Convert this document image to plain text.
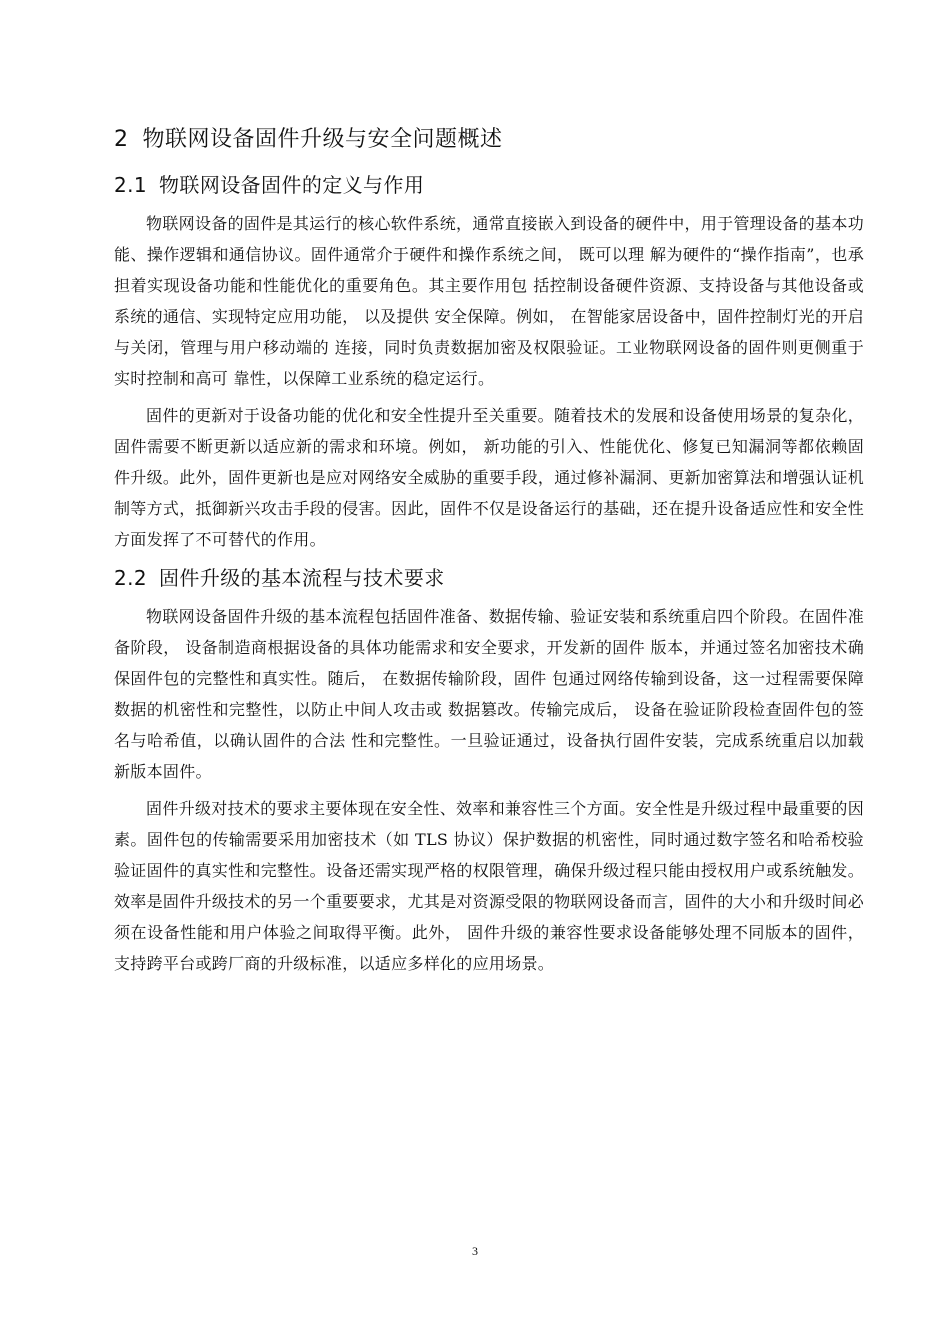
2 物联网设备固件升级与安全问题概述
2.1 物联网设备固件的定义与作用

物联网设备的固件是其运行的核心软件系统，通常直接嵌入到设备的硬件中，用于管理设备的基本功能、操作逻辑和通信协议。固件通常介于硬件和操作系统之间， 既可以理 解为硬件的“操作指南”，也承担着实现设备功能和性能优化的重要角色。其主要作用包 括控制设备硬件资源、支持设备与其他设备或系统的通信、实现特定应用功能， 以及提供 安全保障。例如， 在智能家居设备中，固件控制灯光的开启与关闭，管理与用户移动端的 连接，同时负责数据加密及权限验证。工业物联网设备的固件则更侧重于实时控制和高可 靠性，以保障工业系统的稳定运行。

固件的更新对于设备功能的优化和安全性提升至关重要。随着技术的发展和设备使用场景的复杂化，固件需要不断更新以适应新的需求和环境。例如， 新功能的引入、性能优化、修复已知漏洞等都依赖固件升级。此外，固件更新也是应对网络安全威胁的重要手段，通过修补漏洞、更新加密算法和增强认证机制等方式，抵御新兴攻击手段的侵害。因此，固件不仅是设备运行的基础，还在提升设备适应性和安全性方面发挥了不可替代的作用。

2.2 固件升级的基本流程与技术要求

物联网设备固件升级的基本流程包括固件准备、数据传输、验证安装和系统重启四个阶段。在固件准备阶段， 设备制造商根据设备的具体功能需求和安全要求，开发新的固件 版本，并通过签名加密技术确保固件包的完整性和真实性。随后， 在数据传输阶段，固件 包通过网络传输到设备，这一过程需要保障数据的机密性和完整性，以防止中间人攻击或 数据篡改。传输完成后， 设备在验证阶段检查固件包的签名与哈希值，以确认固件的合法 性和完整性。一旦验证通过，设备执行固件安装，完成系统重启以加载新版本固件。

固件升级对技术的要求主要体现在安全性、效率和兼容性三个方面。安全性是升级过程中最重要的因素。固件包的传输需要采用加密技术（如 TLS 协议）保护数据的机密性，同时通过数字签名和哈希校验验证固件的真实性和完整性。设备还需实现严格的权限管理，确保升级过程只能由授权用户或系统触发。效率是固件升级技术的另一个重要要求，尤其是对资源受限的物联网设备而言，固件的大小和升级时间必须在设备性能和用户体验之间取得平衡。此外， 固件升级的兼容性要求设备能够处理不同版本的固件，支持跨平台或跨厂商的升级标准，以适应多样化的应用场景。

3
